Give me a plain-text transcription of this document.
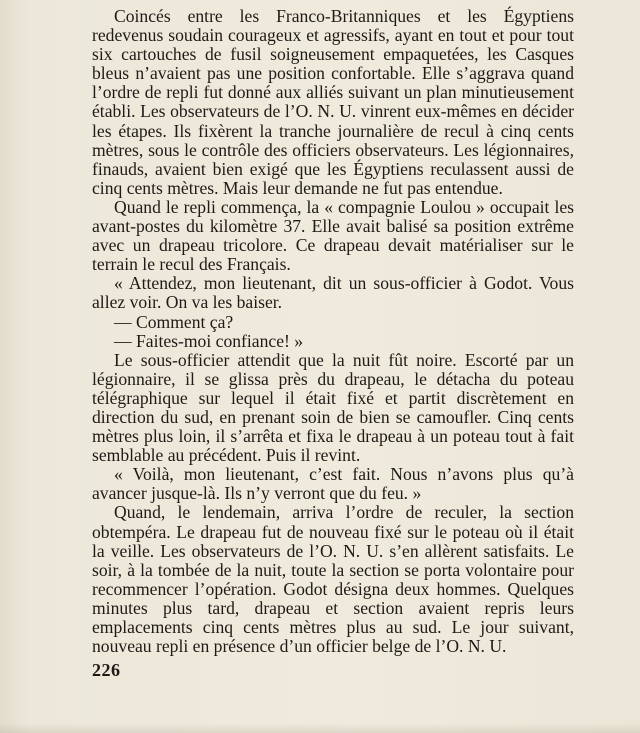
Coincés entre les Franco-Britanniques et les Égyptiens redevenus soudain courageux et agressifs, ayant en tout et pour tout six cartouches de fusil soigneusement empaquetées, les Casques bleus n’avaient pas une position confortable. Elle s’aggrava quand l’ordre de repli fut donné aux alliés suivant un plan minutieusement établi. Les observateurs de l’O. N. U. vinrent eux-mêmes en décider les étapes. Ils fixèrent la tranche journalière de recul à cinq cents mètres, sous le contrôle des officiers observateurs. Les légionnaires, finauds, avaient bien exigé que les Égyptiens reculassent aussi de cinq cents mètres. Mais leur demande ne fut pas entendue.

Quand le repli commença, la « compagnie Loulou » occupait les avant-postes du kilomètre 37. Elle avait balisé sa position extrême avec un drapeau tricolore. Ce drapeau devait matérialiser sur le terrain le recul des Français.

« Attendez, mon lieutenant, dit un sous-officier à Godot. Vous allez voir. On va les baiser.

— Comment ça?

— Faites-moi confiance! »

Le sous-officier attendit que la nuit fût noire. Escorté par un légionnaire, il se glissa près du drapeau, le détacha du poteau télégraphique sur lequel il était fixé et partit discrètement en direction du sud, en prenant soin de bien se camoufler. Cinq cents mètres plus loin, il s’arrêta et fixa le drapeau à un poteau tout à fait semblable au précédent. Puis il revint.

« Voilà, mon lieutenant, c’est fait. Nous n’avons plus qu’à avancer jusque-là. Ils n’y verront que du feu. »

Quand, le lendemain, arriva l’ordre de reculer, la section obtempéra. Le drapeau fut de nouveau fixé sur le poteau où il était la veille. Les observateurs de l’O. N. U. s’en allèrent satisfaits. Le soir, à la tombée de la nuit, toute la section se porta volontaire pour recommencer l’opération. Godot désigna deux hommes. Quelques minutes plus tard, drapeau et section avaient repris leurs emplacements cinq cents mètres plus au sud. Le jour suivant, nouveau repli en présence d’un officier belge de l’O. N. U.

226
